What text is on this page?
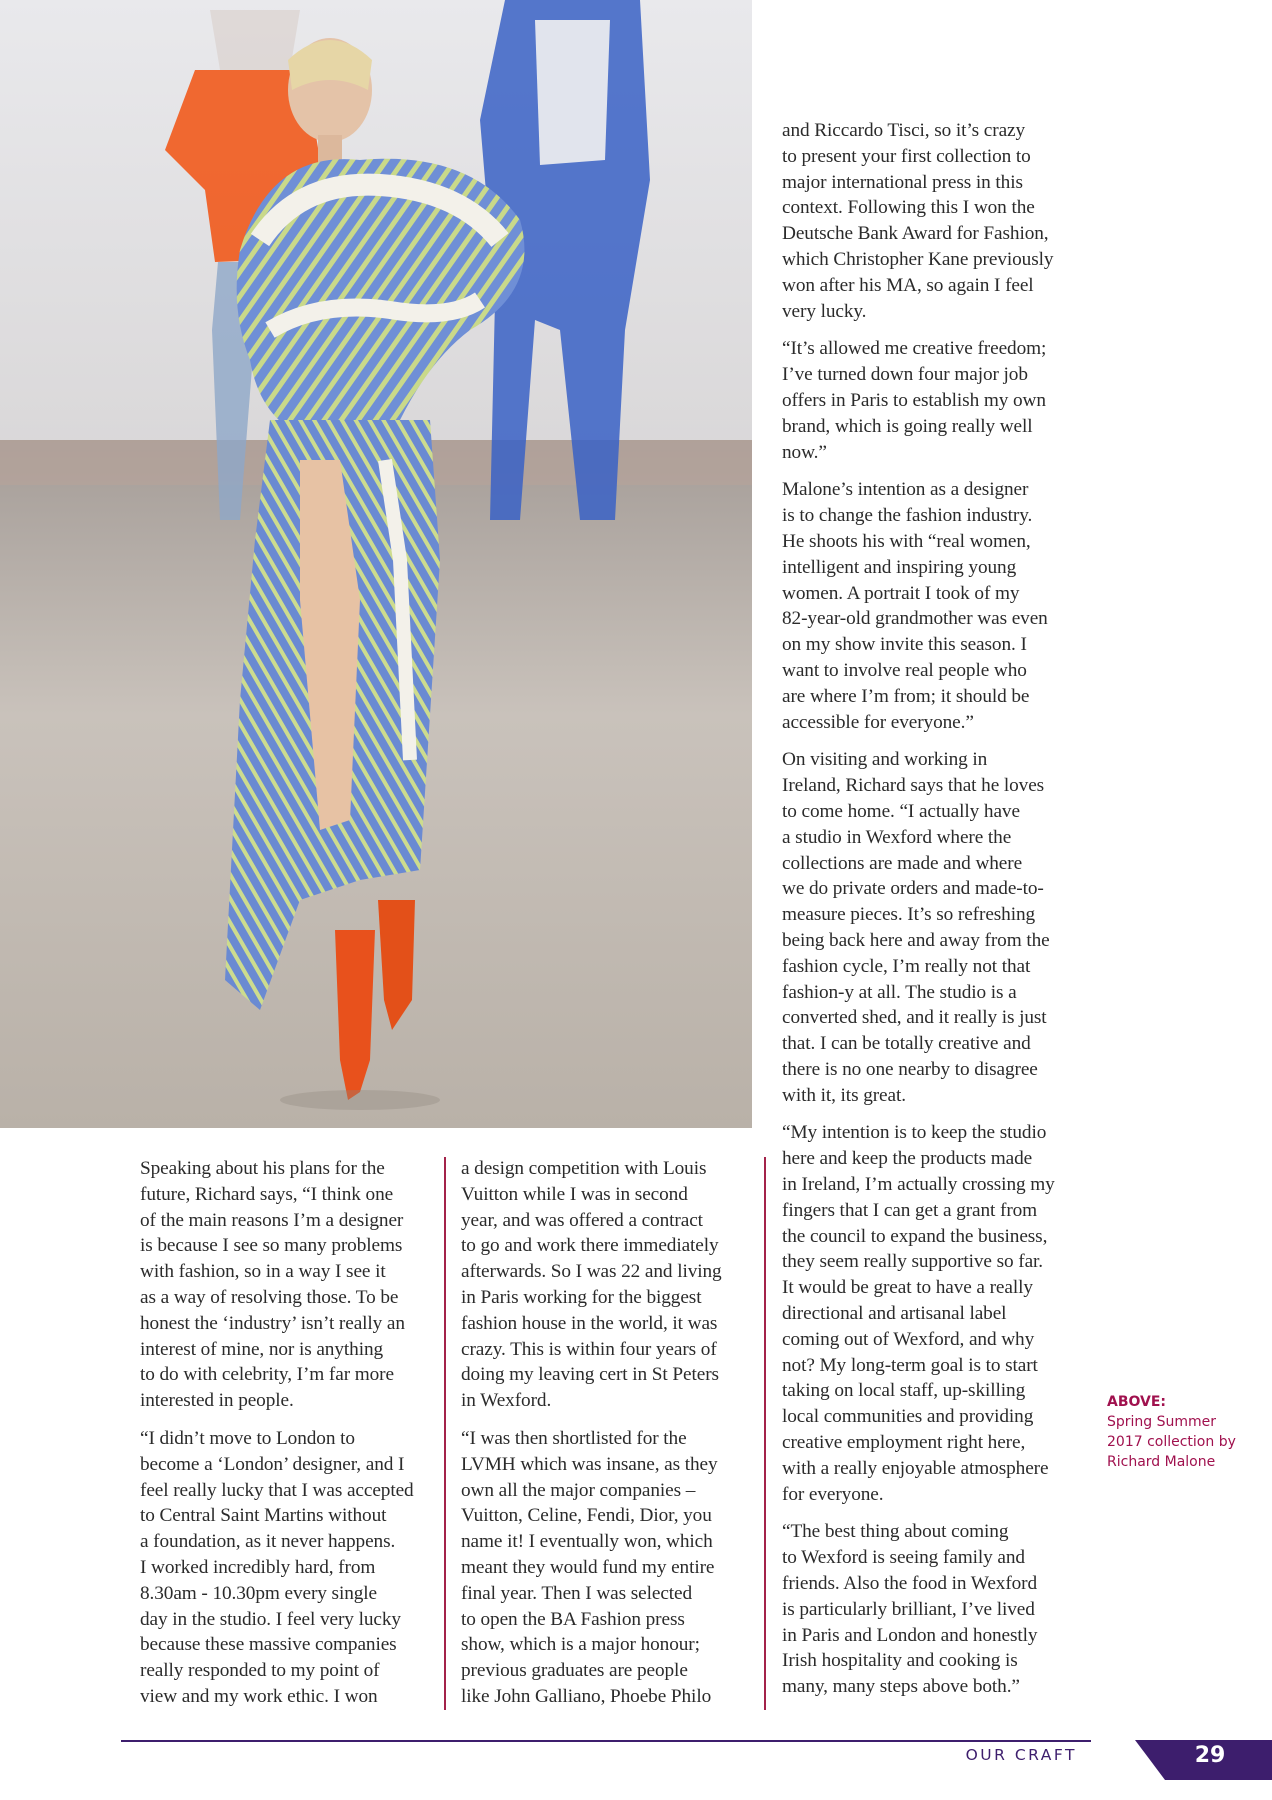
Speaking about his plans for the
future, Richard says, “I think one
of the main reasons I’m a designer
is because I see so many problems
with fashion, so in a way I see it
as a way of resolving those. To be
honest the ‘industry’ isn’t really an
interest of mine, nor is anything
to do with celebrity, I’m far more
interested in people.

“I didn’t move to London to
become a ‘London’ designer, and I
feel really lucky that I was accepted
to Central Saint Martins without
a foundation, as it never happens.
I worked incredibly hard, from
8.30am - 10.30pm every single
day in the studio. I feel very lucky
because these massive companies
really responded to my point of
view and my work ethic. I won

a design competition with Louis
Vuitton while I was in second
year, and was offered a contract
to go and work there immediately
afterwards. So I was 22 and living
in Paris working for the biggest
fashion house in the world, it was
crazy. This is within four years of
doing my leaving cert in St Peters
in Wexford.

“I was then shortlisted for the
LVMH which was insane, as they
own all the major companies –
Vuitton, Celine, Fendi, Dior, you
name it! I eventually won, which
meant they would fund my entire
final year. Then I was selected
to open the BA Fashion press
show, which is a major honour;
previous graduates are people
like John Galliano, Phoebe Philo

and Riccardo Tisci, so it’s crazy
to present your first collection to
major international press in this
context. Following this I won the
Deutsche Bank Award for Fashion,
which Christopher Kane previously
won after his MA, so again I feel
very lucky.

“It’s allowed me creative freedom;
I’ve turned down four major job
offers in Paris to establish my own
brand, which is going really well
now.”

Malone’s intention as a designer
is to change the fashion industry.
He shoots his with “real women,
intelligent and inspiring young
women. A portrait I took of my
82-year-old grandmother was even
on my show invite this season. I
want to involve real people who
are where I’m from; it should be
accessible for everyone.”

On visiting and working in
Ireland, Richard says that he loves
to come home. “I actually have
a studio in Wexford where the
collections are made and where
we do private orders and made-to-
measure pieces. It’s so refreshing
being back here and away from the
fashion cycle, I’m really not that
fashion-y at all. The studio is a
converted shed, and it really is just
that. I can be totally creative and
there is no one nearby to disagree
with it, its great.

“My intention is to keep the studio
here and keep the products made
in Ireland, I’m actually crossing my
fingers that I can get a grant from
the council to expand the business,
they seem really supportive so far.
It would be great to have a really
directional and artisanal label
coming out of Wexford, and why
not? My long-term goal is to start
taking on local staff, up-skilling
local communities and providing
creative employment right here,
with a really enjoyable atmosphere
for everyone.

“The best thing about coming
to Wexford is seeing family and
friends. Also the food in Wexford
is particularly brilliant, I’ve lived
in Paris and London and honestly
Irish hospitality and cooking is
many, many steps above both.”

ABOVE:
Spring Summer
2017 collection by
Richard Malone
OUR CRAFT	29
